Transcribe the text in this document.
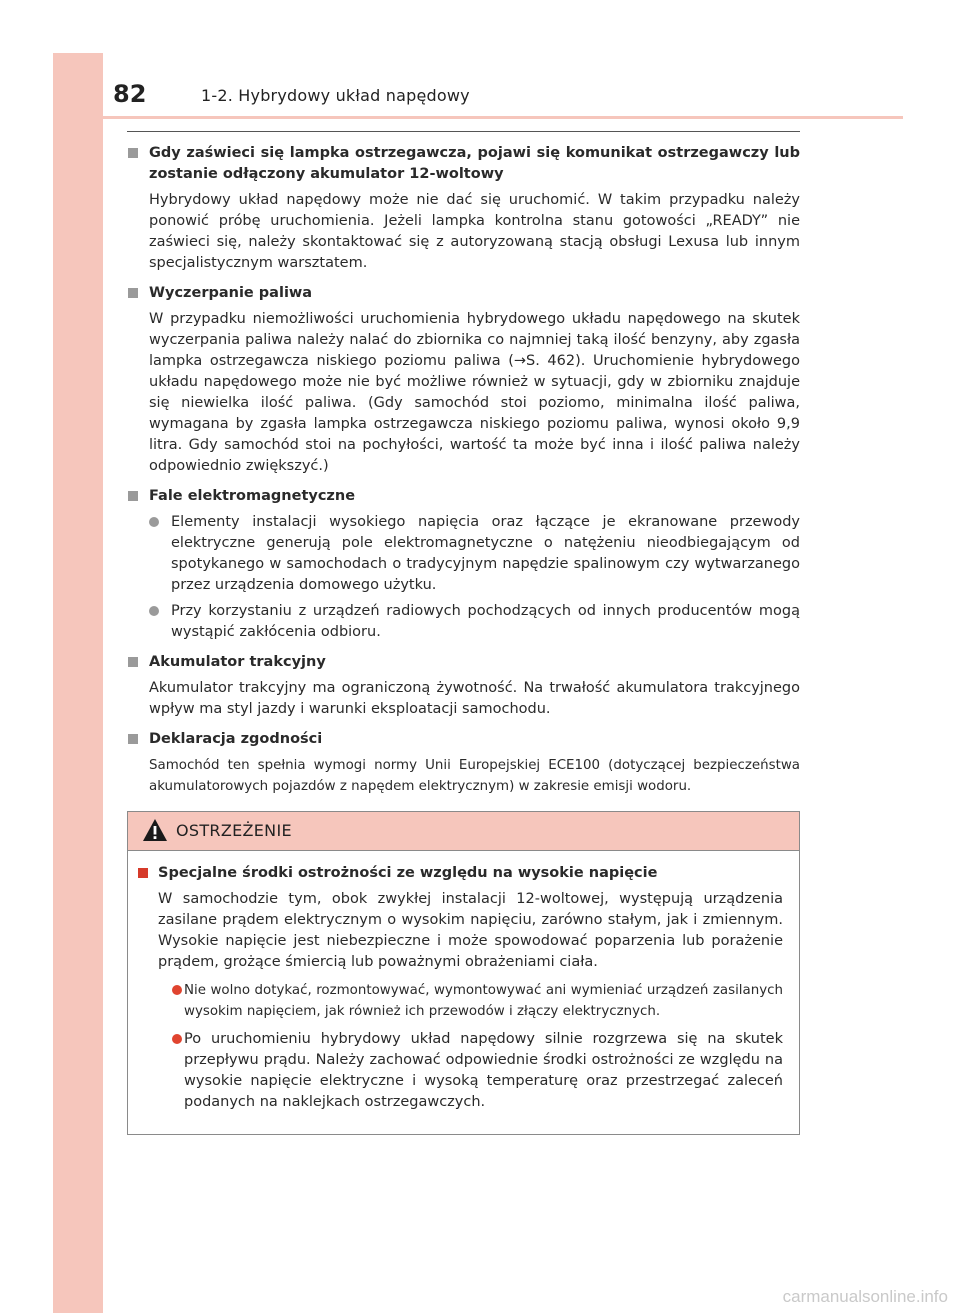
82	1-2. Hybrydowy układ napędowy
Gdy zaświeci się lampka ostrzegawcza, pojawi się komunikat ostrzegawczy lub zostanie odłączony akumulator 12-woltowy
Hybrydowy układ napędowy może nie dać się uruchomić. W takim przypadku należy ponowić próbę uruchomienia. Jeżeli lampka kontrolna stanu gotowości „READY” nie zaświeci się, należy skontaktować się z autoryzowaną stacją obsługi Lexusa lub innym specjalistycznym warsztatem.
Wyczerpanie paliwa
W przypadku niemożliwości uruchomienia hybrydowego układu napędowego na skutek wyczerpania paliwa należy nalać do zbiornika co najmniej taką ilość benzyny, aby zgasła lampka ostrzegawcza niskiego poziomu paliwa (→S. 462). Uruchomienie hybrydowego układu napędowego może nie być możliwe również w sytuacji, gdy w zbiorniku znajduje się niewielka ilość paliwa. (Gdy samochód stoi poziomo, minimalna ilość paliwa, wymagana by zgasła lampka ostrzegawcza niskiego poziomu paliwa, wynosi około 9,9 litra. Gdy samochód stoi na pochyłości, wartość ta może być inna i ilość paliwa należy odpowiednio zwiększyć.)
Fale elektromagnetyczne
Elementy instalacji wysokiego napięcia oraz łączące je ekranowane przewody elektryczne generują pole elektromagnetyczne o natężeniu nieodbiegającym od spotykanego w samochodach o tradycyjnym napędzie spalinowym czy wytwarzanego przez urządzenia domowego użytku.
Przy korzystaniu z urządzeń radiowych pochodzących od innych producentów mogą wystąpić zakłócenia odbioru.
Akumulator trakcyjny
Akumulator trakcyjny ma ograniczoną żywotność. Na trwałość akumulatora trakcyjnego wpływ ma styl jazdy i warunki eksploatacji samochodu.
Deklaracja zgodności
Samochód ten spełnia wymogi normy Unii Europejskiej ECE100 (dotyczącej bezpieczeństwa akumulatorowych pojazdów z napędem elektrycznym) w zakresie emisji wodoru.
OSTRZEŻENIE
Specjalne środki ostrożności ze względu na wysokie napięcie
W samochodzie tym, obok zwykłej instalacji 12-woltowej, występują urządzenia zasilane prądem elektrycznym o wysokim napięciu, zarówno stałym, jak i zmiennym. Wysokie napięcie jest niebezpieczne i może spowodować poparzenia lub porażenie prądem, grożące śmiercią lub poważnymi obrażeniami ciała.
Nie wolno dotykać, rozmontowywać, wymontowywać ani wymieniać urządzeń zasilanych wysokim napięciem, jak również ich przewodów i złączy elektrycznych.
Po uruchomieniu hybrydowy układ napędowy silnie rozgrzewa się na skutek przepływu prądu. Należy zachować odpowiednie środki ostrożności ze względu na wysokie napięcie elektryczne i wysoką temperaturę oraz przestrzegać zaleceń podanych na naklejkach ostrzegawczych.
carmanualsonline.info
